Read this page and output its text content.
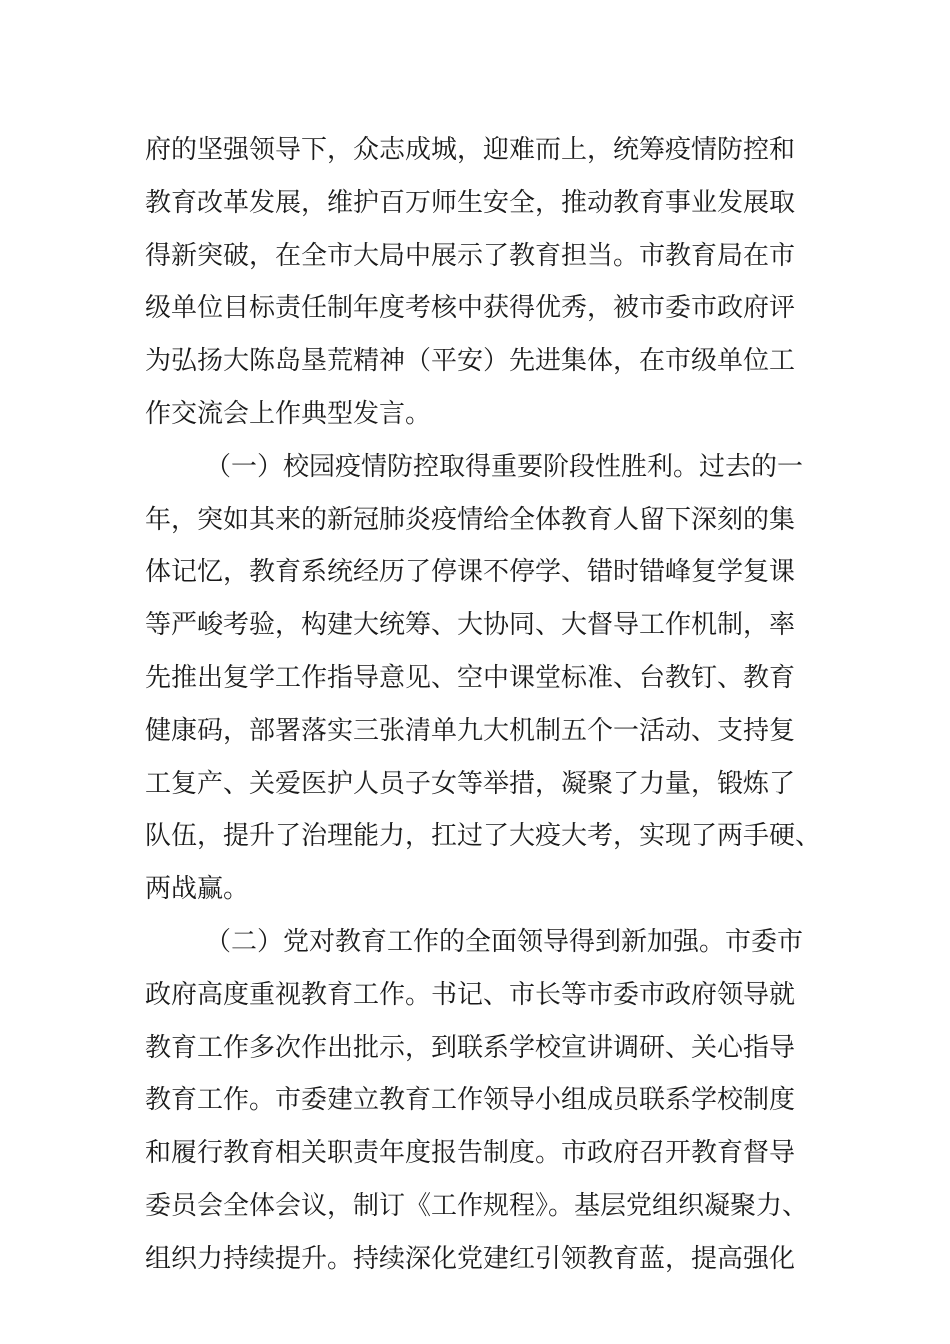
府的坚强领导下，众志成城，迎难而上，统筹疫情防控和
教育改革发展，维护百万师生安全，推动教育事业发展取
得新突破，在全市大局中展示了教育担当。市教育局在市
级单位目标责任制年度考核中获得优秀，被市委市政府评
为弘扬大陈岛垦荒精神（平安）先进集体，在市级单位工
作交流会上作典型发言。
（一）校园疫情防控取得重要阶段性胜利。过去的一
年，突如其来的新冠肺炎疫情给全体教育人留下深刻的集
体记忆，教育系统经历了停课不停学、错时错峰复学复课
等严峻考验，构建大统筹、大协同、大督导工作机制，率
先推出复学工作指导意见、空中课堂标准、台教钉、教育
健康码，部署落实三张清单九大机制五个一活动、支持复
工复产、关爱医护人员子女等举措，凝聚了力量，锻炼了
队伍，提升了治理能力，扛过了大疫大考，实现了两手硬、
两战赢。
（二）党对教育工作的全面领导得到新加强。市委市
政府高度重视教育工作。书记、市长等市委市政府领导就
教育工作多次作出批示，到联系学校宣讲调研、关心指导
教育工作。市委建立教育工作领导小组成员联系学校制度
和履行教育相关职责年度报告制度。市政府召开教育督导
委员会全体会议，制订《工作规程》。基层党组织凝聚力、
组织力持续提升。持续深化党建红引领教育蓝，提高强化
